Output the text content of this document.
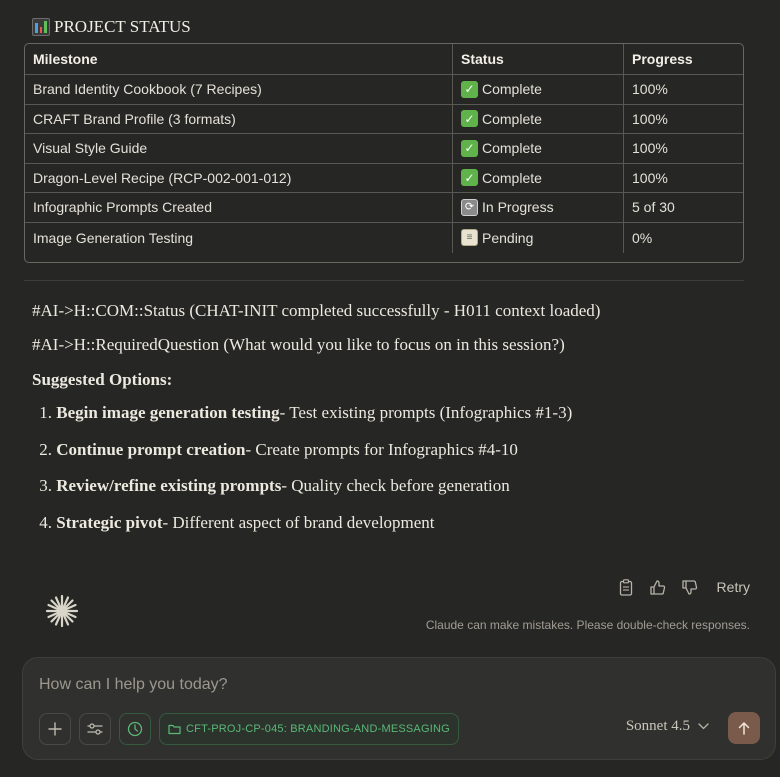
PROJECT STATUS
Milestone	Status	Progress
Brand Identity Cookbook (7 Recipes)	✓ Complete	100%
CRAFT Brand Profile (3 formats)	✓ Complete	100%
Visual Style Guide	✓ Complete	100%
Dragon-Level Recipe (RCP-002-001-012)	✓ Complete	100%
Infographic Prompts Created	⟳ In Progress	5 of 30
Image Generation Testing	≡ Pending	0%
#AI->H::COM::Status (CHAT-INIT completed successfully - H011 context loaded)
#AI->H::RequiredQuestion (What would you like to focus on in this session?)
Suggested Options:
1.
Begin image generation testing - Test existing prompts (Infographics #1-3)
2.
Continue prompt creation - Create prompts for Infographics #4-10
3.
Review/refine existing prompts - Quality check before generation
4.
Strategic pivot - Different aspect of brand development
Retry
Claude can make mistakes. Please double-check responses.
How can I help you today?
CFT-PROJ-CP-045: BRANDING-AND-MESSAGING	Sonnet 4.5
